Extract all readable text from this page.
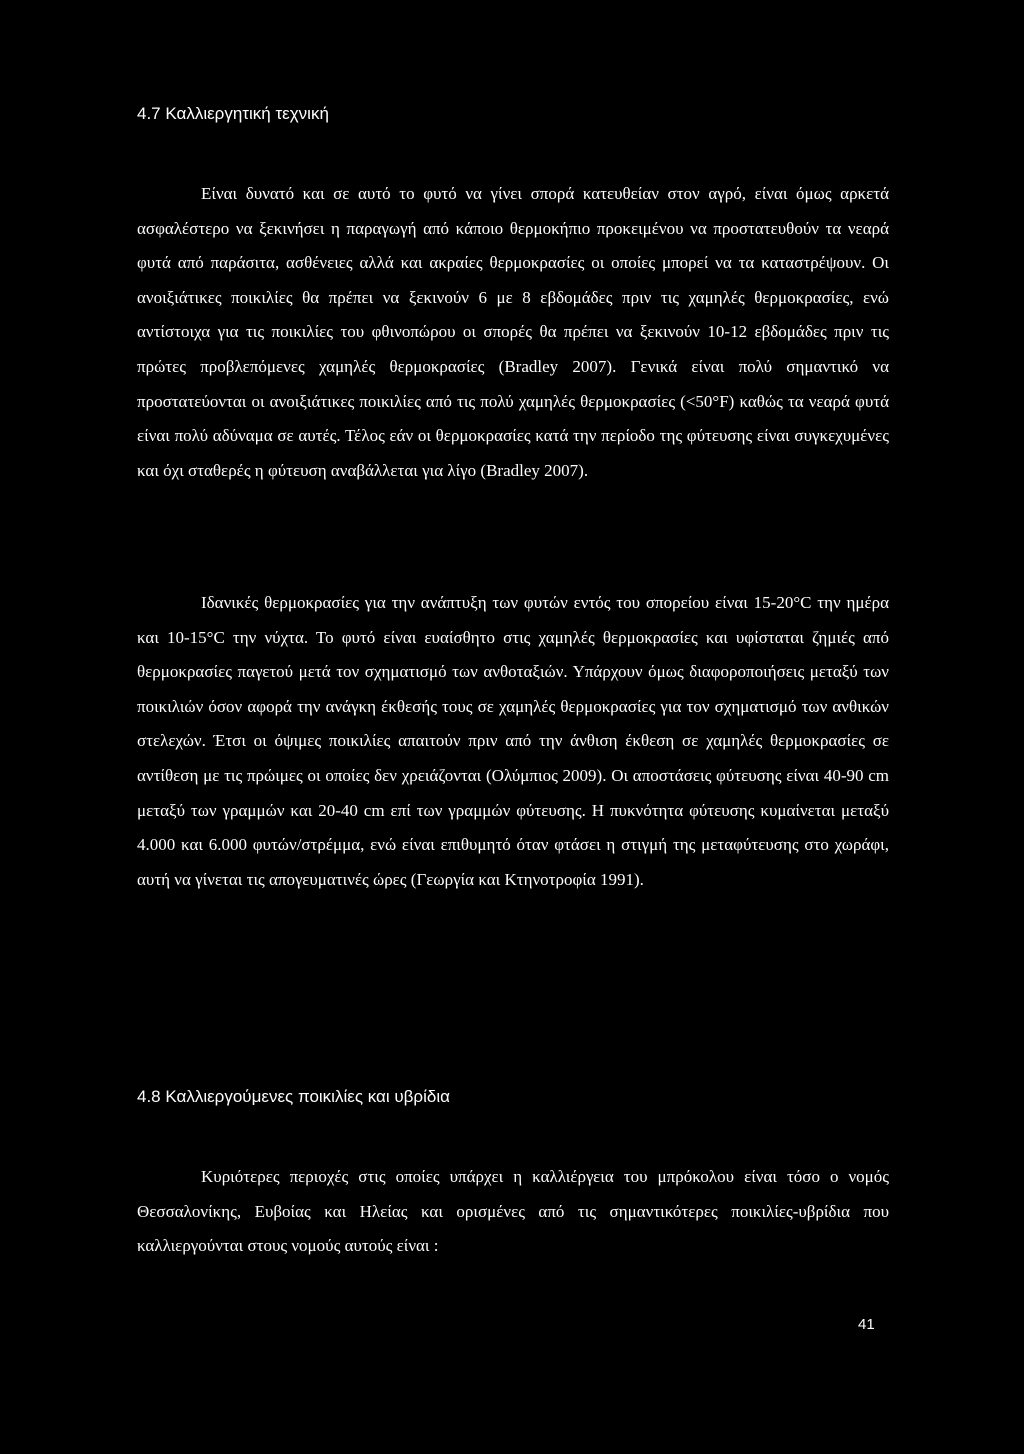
4.7 Καλλιεργητική τεχνική

Είναι δυνατό και σε αυτό το φυτό να γίνει σπορά κατευθείαν στον αγρό, είναι όμως αρκετά ασφαλέστερο να ξεκινήσει η παραγωγή από κάποιο θερμοκήπιο προκειμένου να προστατευθούν τα νεαρά φυτά από παράσιτα, ασθένειες αλλά και ακραίες θερμοκρασίες οι οποίες μπορεί να τα καταστρέψουν. Οι ανοιξιάτικες ποικιλίες θα πρέπει να ξεκινούν 6 με 8 εβδομάδες πριν τις χαμηλές θερμοκρασίες, ενώ αντίστοιχα για τις ποικιλίες του φθινοπώρου οι σπορές θα πρέπει να ξεκινούν 10-12 εβδομάδες πριν τις πρώτες προβλεπόμενες χαμηλές θερμοκρασίες (Bradley 2007). Γενικά είναι πολύ σημαντικό να προστατεύονται οι ανοιξιάτικες ποικιλίες από τις πολύ χαμηλές θερμοκρασίες (<50°F) καθώς τα νεαρά φυτά είναι πολύ αδύναμα σε αυτές. Τέλος εάν οι θερμοκρασίες κατά την περίοδο της φύτευσης είναι συγκεχυμένες και όχι σταθερές η φύτευση αναβάλλεται για λίγο (Bradley 2007).

Ιδανικές θερμοκρασίες για την ανάπτυξη των φυτών εντός του σπορείου είναι 15-20°C την ημέρα και 10-15°C την νύχτα. Το φυτό είναι ευαίσθητο στις χαμηλές θερμοκρασίες και υφίσταται ζημιές από θερμοκρασίες παγετού μετά τον σχηματισμό των ανθοταξιών. Υπάρχουν όμως διαφοροποιήσεις μεταξύ των ποικιλιών όσον αφορά την ανάγκη έκθεσής τους σε χαμηλές θερμοκρασίες για τον σχηματισμό των ανθικών στελεχών. Έτσι οι όψιμες ποικιλίες απαιτούν πριν από την άνθιση έκθεση σε χαμηλές θερμοκρασίες σε αντίθεση με τις πρώιμες οι οποίες δεν χρειάζονται (Ολύμπιος 2009). Οι αποστάσεις φύτευσης είναι 40-90 cm μεταξύ των γραμμών και 20-40 cm επί των γραμμών φύτευσης. Η πυκνότητα φύτευσης κυμαίνεται μεταξύ 4.000 και 6.000 φυτών/στρέμμα, ενώ είναι επιθυμητό όταν φτάσει η στιγμή της μεταφύτευσης στο χωράφι, αυτή να γίνεται τις απογευματινές ώρες (Γεωργία και Κτηνοτροφία 1991).

4.8 Καλλιεργούμενες ποικιλίες και υβρίδια

Κυριότερες περιοχές στις οποίες υπάρχει η καλλιέργεια του μπρόκολου είναι τόσο ο νομός Θεσσαλονίκης, Ευβοίας και Ηλείας και ορισμένες από τις σημαντικότερες ποικιλίες-υβρίδια που καλλιεργούνται στους νομούς αυτούς είναι :

41
